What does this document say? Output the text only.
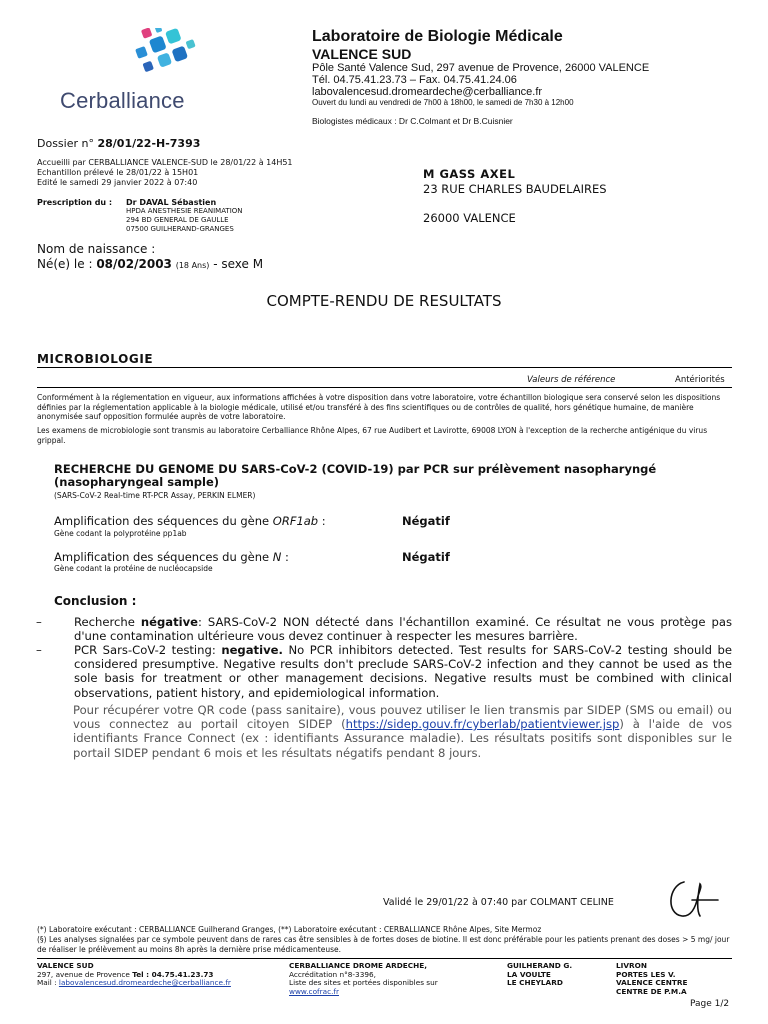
Cerballiance
Laboratoire de Biologie Médicale
VALENCE SUD
Pôle Santé Valence Sud, 297 avenue de Provence, 26000 VALENCE
Tél. 04.75.41.23.73 – Fax. 04.75.41.24.06
labovalencesud.dromeardeche@cerballiance.fr
Ouvert du lundi au vendredi de 7h00 à 18h00, le samedi de 7h30 à 12h00
Biologistes médicaux : Dr C.Colmant et Dr B.Cuisnier
Dossier n° 28/01/22-H-7393
Accueilli par CERBALLIANCE VALENCE-SUD le 28/01/22 à 14H51
Echantillon prélevé le 28/01/22 à 15H01
Edité le samedi 29 janvier 2022 à 07:40
Prescription du : Dr DAVAL Sébastien
HPDA ANESTHESIE REANIMATION
294 BD GENERAL DE GAULLE
07500 GUILHERAND-GRANGES
M GASS AXEL
23 RUE CHARLES BAUDELAIRES
26000 VALENCE
Nom de naissance :
Né(e) le : 08/02/2003 (18 Ans) - sexe M
COMPTE-RENDU DE RESULTATS
MICROBIOLOGIE
Valeurs de référence	Antériorités
Conformément à la réglementation en vigueur, aux informations affichées à votre disposition dans votre laboratoire, votre échantillon biologique sera conservé selon les dispositions définies par la réglementation applicable à la biologie médicale, utilisé et/ou transféré à des fins scientifiques ou de contrôles de qualité, hors génétique humaine, de manière anonymisée sauf opposition formulée auprès de votre laboratoire.
Les examens de microbiologie sont transmis au laboratoire Cerballiance Rhône Alpes, 67 rue Audibert et Lavirotte, 69008 LYON à l'exception de la recherche antigénique du virus grippal.
RECHERCHE DU GENOME DU SARS-CoV-2 (COVID-19) par PCR sur prélèvement nasopharyngé (nasopharyngeal sample)
(SARS-CoV-2 Real-time RT-PCR Assay, PERKIN ELMER)
Amplification des séquences du gène ORF1ab :
Gène codant la polyprotéine pp1ab
Négatif
Amplification des séquences du gène N :
Gène codant la protéine de nucléocapside
Négatif
Conclusion :
–	Recherche négative: SARS-CoV-2 NON détecté dans l'échantillon examiné. Ce résultat ne vous protège pas d'une contamination ultérieure vous devez continuer à respecter les mesures barrière.
–	PCR Sars-CoV-2 testing: negative. No PCR inhibitors detected. Test results for SARS-CoV-2 testing should be considered presumptive. Negative results don't preclude SARS-CoV-2 infection and they cannot be used as the sole basis for treatment or other management decisions. Negative results must be combined with clinical observations, patient history, and epidemiological information.
Pour récupérer votre QR code (pass sanitaire), vous pouvez utiliser le lien transmis par SIDEP (SMS ou email) ou vous connectez au portail citoyen SIDEP (https://sidep.gouv.fr/cyberlab/patientviewer.jsp) à l'aide de vos identifiants France Connect (ex : identifiants Assurance maladie). Les résultats positifs sont disponibles sur le portail SIDEP pendant 6 mois et les résultats négatifs pendant 8 jours.
Validé le 29/01/22 à 07:40 par COLMANT CELINE
(*) Laboratoire exécutant : CERBALLIANCE Guilherand Granges, (**) Laboratoire exécutant : CERBALLIANCE Rhône Alpes, Site Mermoz
(§) Les analyses signalées par ce symbole peuvent dans de rares cas être sensibles à de fortes doses de biotine. Il est donc préférable pour les patients prenant des doses > 5 mg/ jour de réaliser le prélèvement au moins 8h après la dernière prise médicamenteuse.
VALENCE SUD
297, avenue de Provence Tel : 04.75.41.23.73
Mail : labovalencesud.dromeardeche@cerballiance.fr
CERBALLIANCE DROME ARDECHE,
Accréditation n°8-3396,
Liste des sites et portées disponibles sur
www.cofrac.fr
GUILHERAND G.
LA VOULTE
LE CHEYLARD
LIVRON
PORTES LES V.
VALENCE CENTRE
CENTRE DE P.M.A
Page 1/2
